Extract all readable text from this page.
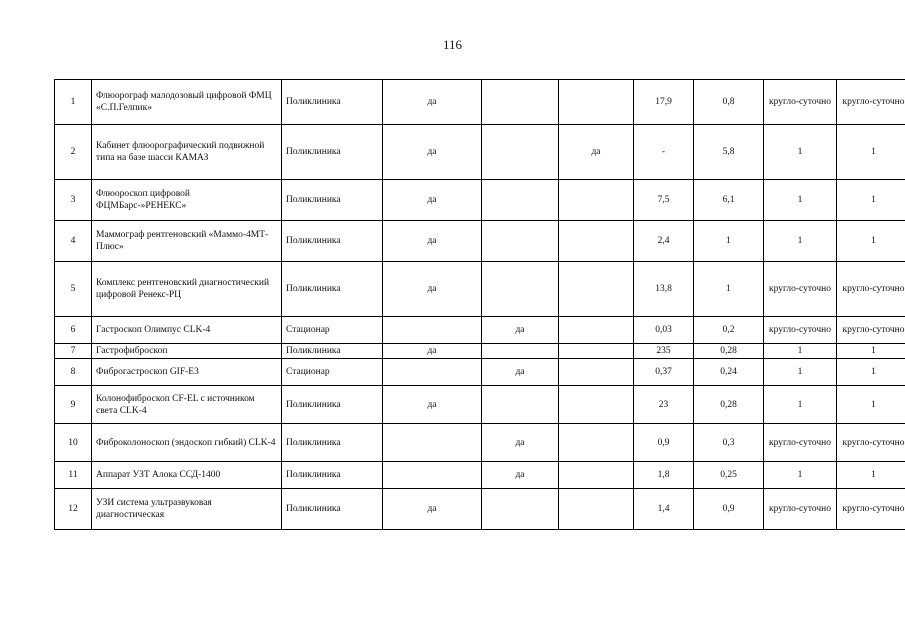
116
1	Флюорограф малодозовый цифровой ФМЦ «С.П.Гелпик»	Поликлиника	да			17,9	0,8	кругло-суточно	кругло-суточно
2	Кабинет флюорографический подвижной типа на базе шасси КАМАЗ	Поликлиника	да		да	-	5,8	1	1
3	Флюороскоп цифровой ФЦМБарс-»РЕНЕКС»	Поликлиника	да			7,5	6,1	1	1
4	Маммограф рентгеновский «Маммо-4МТ-Плюс»	Поликлиника	да			2,4	1	1	1
5	Комплекс рентгеновский диагностический цифровой Ренекс-РЦ	Поликлиника	да			13,8	1	кругло-суточно	кругло-суточно
6	Гастроскоп Олимпус CLK-4	Стационар		да		0,03	0,2	кругло-суточно	кругло-суточно
7	Гастрофиброскоп	Поликлиника	да			235	0,28	1	1
8	Фиброгастроскоп GIF-E3	Стационар		да		0,37	0,24	1	1
9	Колонофиброскоп CF-EL с источником света CLK-4	Поликлиника	да			23	0,28	1	1
10	Фиброколоноскоп (эндоскоп гибкий) CLK-4	Поликлиника		да		0,9	0,3	кругло-суточно	кругло-суточно
11	Аппарат УЗТ Алока ССД-1400	Поликлиника		да		1,8	0,25	1	1
12	УЗИ система ультразвуковая диагностическая	Поликлиника	да			1,4	0,9	кругло-суточно	кругло-суточно
